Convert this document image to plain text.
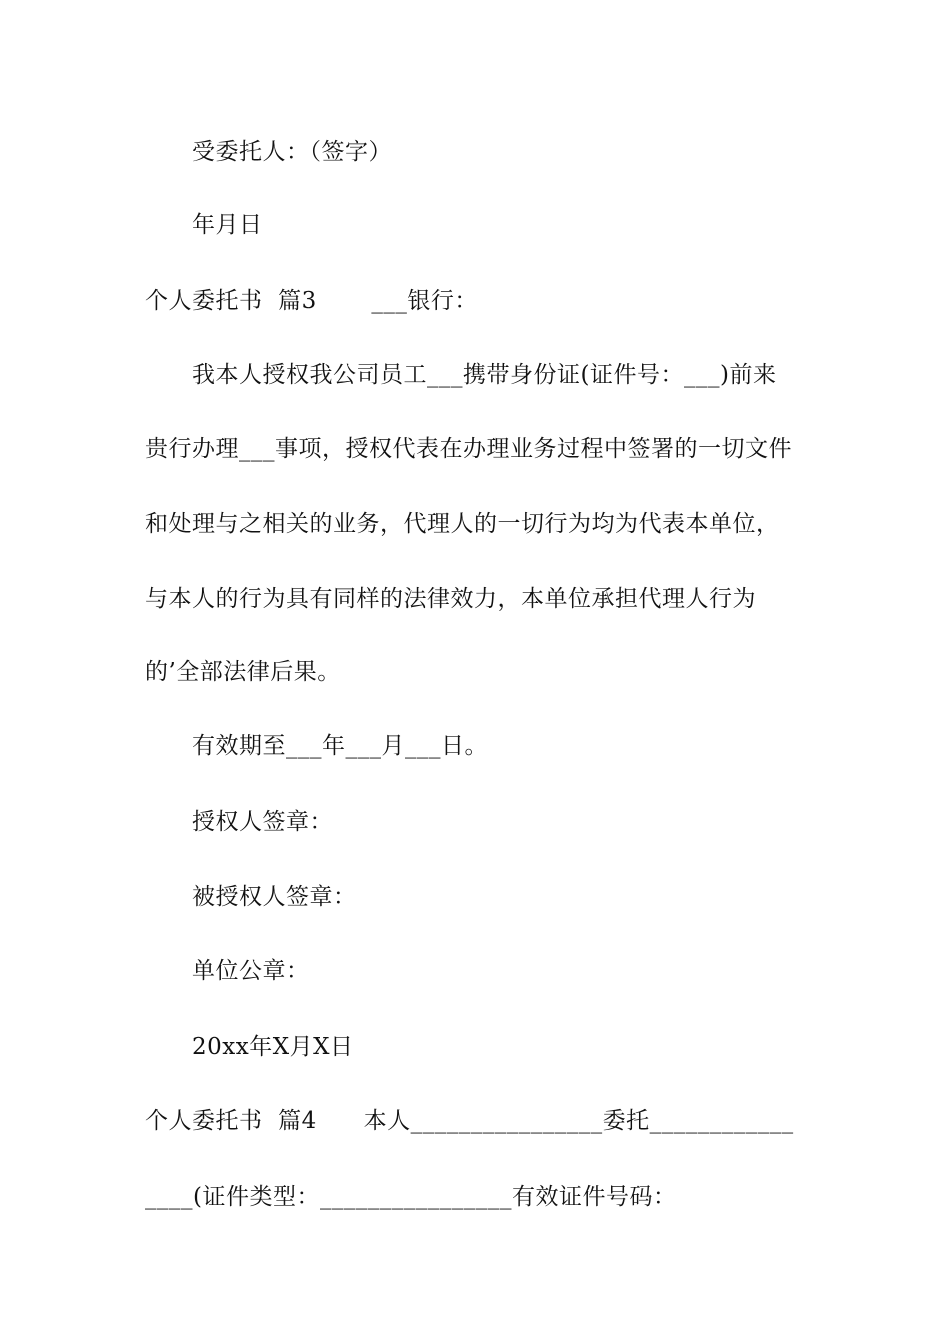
受委托人：（签字）
年月日
个人委托书  篇3       ___银行：
我本人授权我公司员工___携带身份证(证件号：___)前来
贵行办理___事项，授权代表在办理业务过程中签署的一切文件
和处理与之相关的业务，代理人的一切行为均为代表本单位，
与本人的行为具有同样的法律效力，本单位承担代理人行为
的’全部法律后果。
有效期至___年___月___日。
授权人签章：
被授权人签章：
单位公章：
20xx年X月X日
个人委托书  篇4      本人________________委托____________
____(证件类型：________________有效证件号码：
